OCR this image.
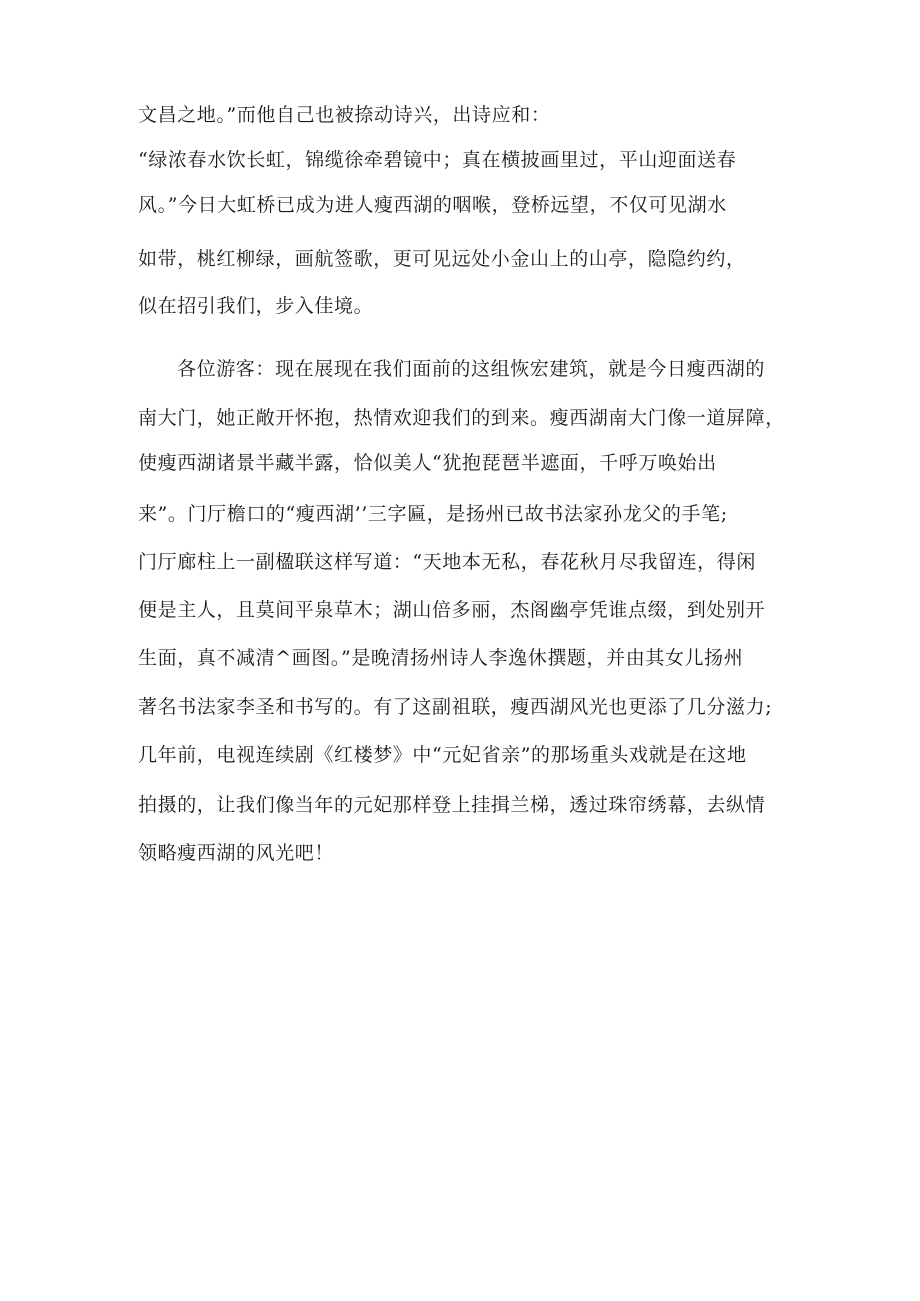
文昌之地。”而他自己也被捺动诗兴，出诗应和：
“绿浓春水饮长虹，锦缆徐牵碧镜中；真在横披画里过，平山迎面送春
风。”今日大虹桥已成为进人瘦西湖的咽喉，登桥远望，不仅可见湖水
如带，桃红柳绿，画航签歌，更可见远处小金山上的山亭，隐隐约约，
似在招引我们，步入佳境。
各位游客：现在展现在我们面前的这组恢宏建筑，就是今日瘦西湖的
南大门，她正敞开怀抱，热情欢迎我们的到来。瘦西湖南大门像一道屏障，
使瘦西湖诸景半藏半露，恰似美人“犹抱琵琶半遮面，千呼万唤始出
来”。门厅檐口的“瘦西湖’’三字匾，是扬州已故书法家孙龙父的手笔;
门厅廊柱上一副楹联这样写道：“天地本无私，春花秋月尽我留连，得闲
便是主人，且莫间平泉草木；湖山倍多丽，杰阁幽亭凭谁点缀，到处别开
生面，真不减清^画图。”是晚清扬州诗人李逸休撰题，并由其女儿扬州
著名书法家李圣和书写的。有了这副祖联，瘦西湖风光也更添了几分滋力;
几年前，电视连续剧《红楼梦》中“元妃省亲”的那场重头戏就是在这地
拍摄的，让我们像当年的元妃那样登上挂揖兰梯，透过珠帘绣幕，去纵情
领略瘦西湖的风光吧！
